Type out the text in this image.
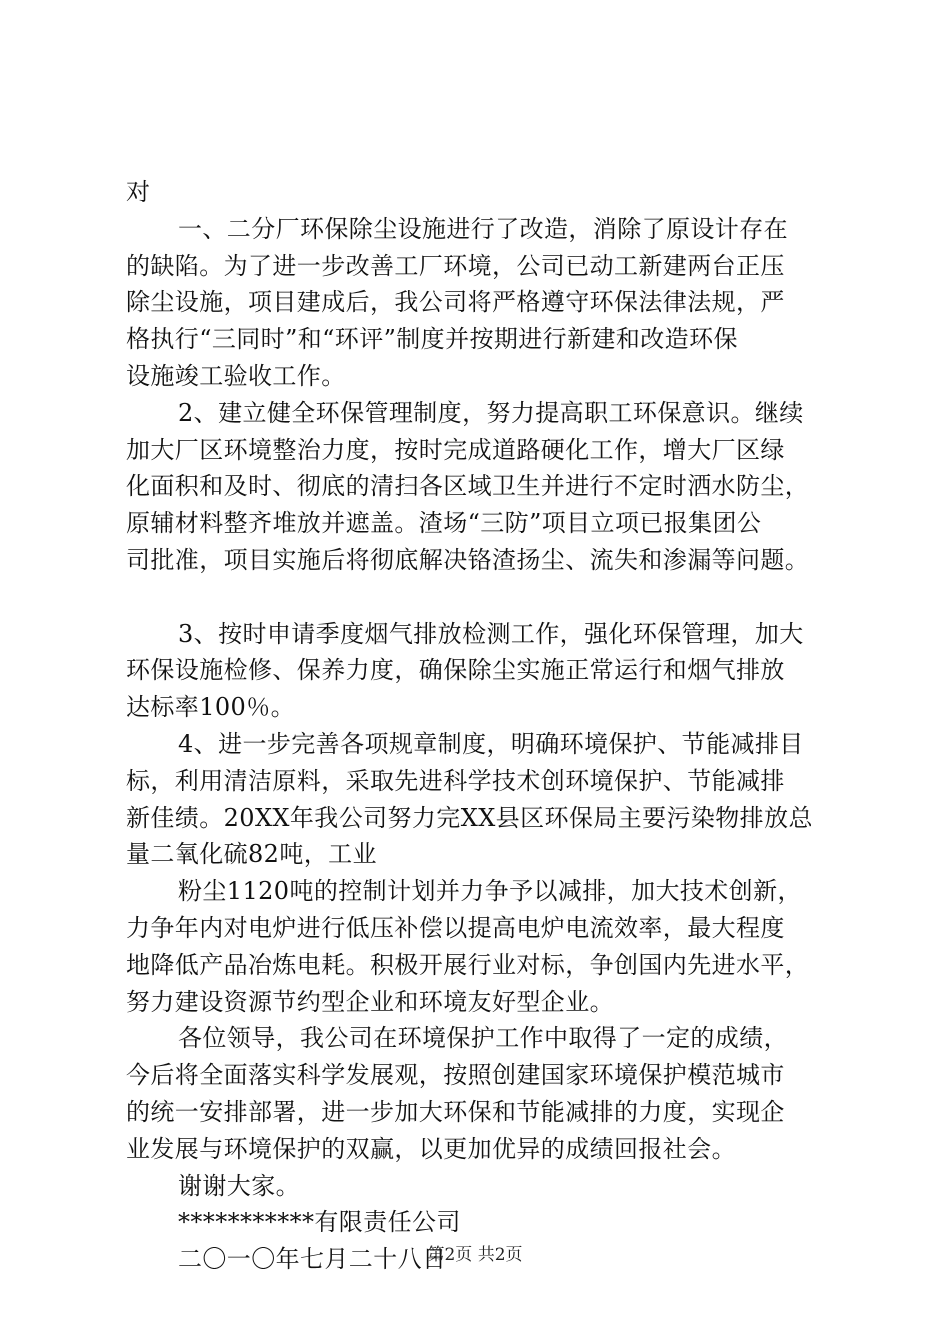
对
一、二分厂环保除尘设施进行了改造，消除了原设计存在
的缺陷。为了进一步改善工厂环境，公司已动工新建两台正压
除尘设施，项目建成后，我公司将严格遵守环保法律法规，严
格执行“三同时”和“环评”制度并按期进行新建和改造环保
设施竣工验收工作。
2、建立健全环保管理制度，努力提高职工环保意识。继续
加大厂区环境整治力度，按时完成道路硬化工作，增大厂区绿
化面积和及时、彻底的清扫各区域卫生并进行不定时洒水防尘，
原辅材料整齐堆放并遮盖。渣场“三防”项目立项已报集团公
司批准，项目实施后将彻底解决铬渣扬尘、流失和渗漏等问题。
3、按时申请季度烟气排放检测工作，强化环保管理，加大
环保设施检修、保养力度，确保除尘实施正常运行和烟气排放
达标率100％。
4、进一步完善各项规章制度，明确环境保护、节能减排目
标，利用清洁原料，采取先进科学技术创环境保护、节能减排
新佳绩。20XX年我公司努力完XX县区环保局主要污染物排放总
量二氧化硫82吨，工业
粉尘1120吨的控制计划并力争予以减排，加大技术创新，
力争年内对电炉进行低压补偿以提高电炉电流效率，最大程度
地降低产品冶炼电耗。积极开展行业对标，争创国内先进水平，
努力建设资源节约型企业和环境友好型企业。
各位领导，我公司在环境保护工作中取得了一定的成绩，
今后将全面落实科学发展观，按照创建国家环境保护模范城市
的统一安排部署，进一步加大环保和节能减排的力度，实现企
业发展与环境保护的双赢，以更加优异的成绩回报社会。
谢谢大家。
***********有限责任公司
二〇一〇年七月二十八日
第2页 共2页
